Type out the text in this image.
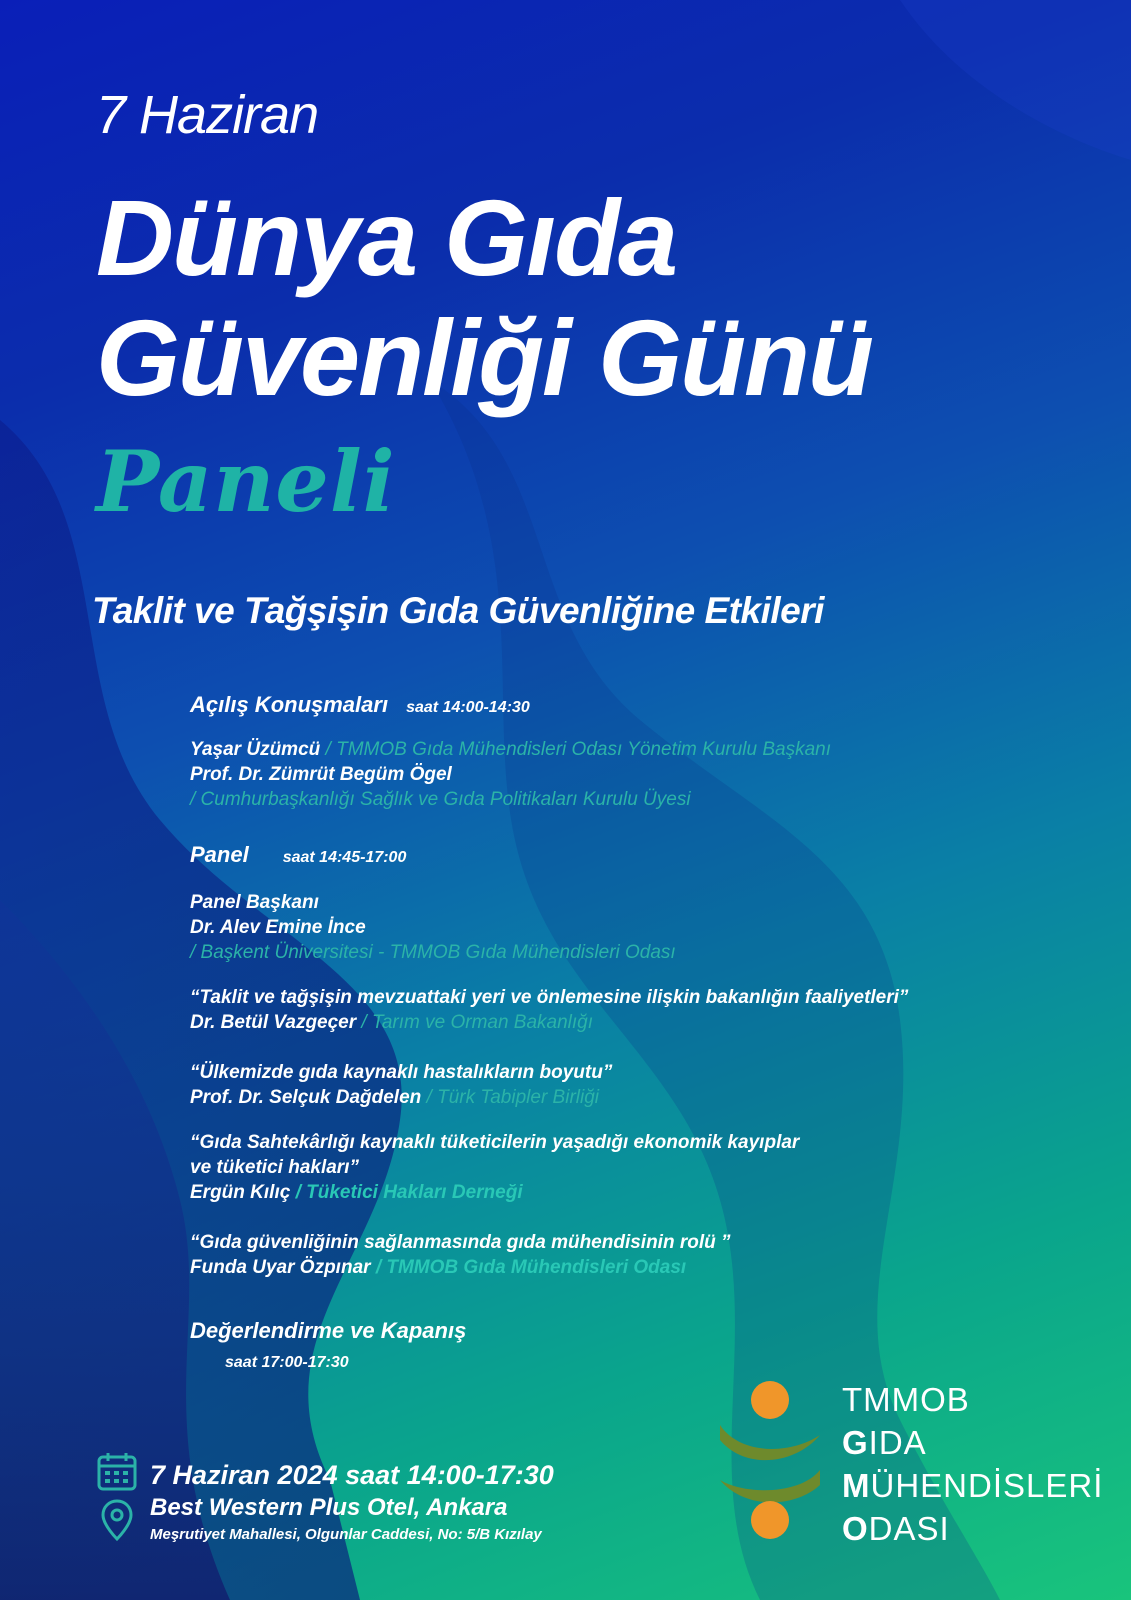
7 Haziran
Dünya Gıda
Güvenliği Günü
Paneli
Taklit ve Tağşişin Gıda Güvenliğine Etkileri
Açılış Konuşmaları saat 14:00-14:30
Yaşar Üzümcü / TMMOB Gıda Mühendisleri Odası Yönetim Kurulu Başkanı
Prof. Dr. Zümrüt Begüm Ögel
/ Cumhurbaşkanlığı Sağlık ve Gıda Politikaları Kurulu Üyesi
Panel saat 14:45-17:00
Panel Başkanı
Dr. Alev Emine İnce
/ Başkent Üniversitesi - TMMOB Gıda Mühendisleri Odası
“Taklit ve tağşişin mevzuattaki yeri ve önlemesine ilişkin bakanlığın faaliyetleri”
Dr. Betül Vazgeçer / Tarım ve Orman Bakanlığı
“Ülkemizde gıda kaynaklı hastalıkların boyutu”
Prof. Dr. Selçuk Dağdelen / Türk Tabipler Birliği
“Gıda Sahtekârlığı kaynaklı tüketicilerin yaşadığı ekonomik kayıplar
ve tüketici hakları”
Ergün Kılıç / Tüketici Hakları Derneği
“Gıda güvenliğinin sağlanmasında gıda mühendisinin rolü ”
Funda Uyar Özpınar / TMMOB Gıda Mühendisleri Odası
Değerlendirme ve Kapanış
saat 17:00-17:30
7 Haziran 2024 saat 14:00-17:30
Best Western Plus Otel, Ankara
Meşrutiyet Mahallesi, Olgunlar Caddesi, No: 5/B Kızılay
TMMOB
GIDA
MÜHENDİSLERİ
ODASI
